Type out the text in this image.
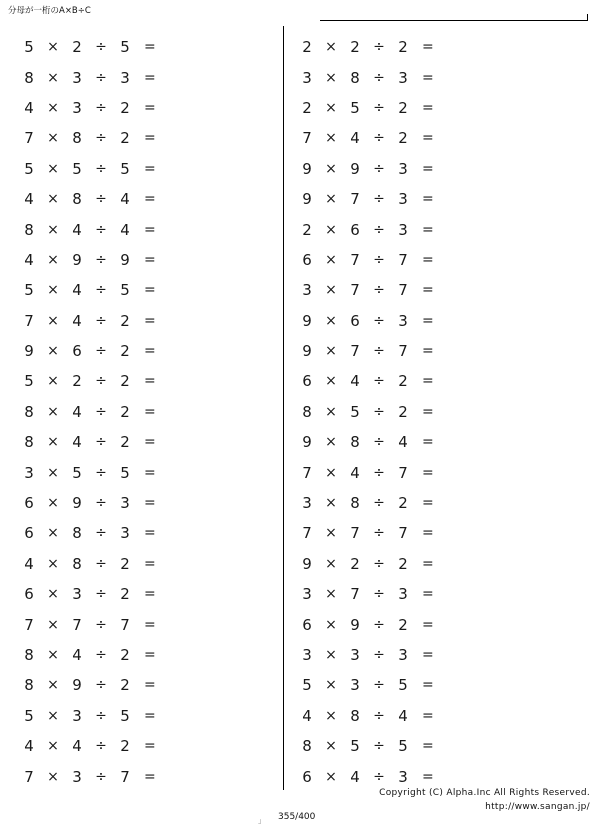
分母が一桁のA×B÷C
5 × 2 ÷ 5	=
8 × 3 ÷ 3	=
4 × 3 ÷ 2	=
7 × 8 ÷ 2	=
5 × 5 ÷ 5	=
4 × 8 ÷ 4	=
8 × 4 ÷ 4	=
4 × 9 ÷ 9	=
5 × 4 ÷ 5	=
7 × 4 ÷ 2	=
9 × 6 ÷ 2	=
5 × 2 ÷ 2	=
8 × 4 ÷ 2	=
8 × 4 ÷ 2	=
3 × 5 ÷ 5	=
6 × 9 ÷ 3	=
6 × 8 ÷ 3	=
4 × 8 ÷ 2	=
6 × 3 ÷ 2	=
7 × 7 ÷ 7	=
8 × 4 ÷ 2	=
8 × 9 ÷ 2	=
5 × 3 ÷ 5	=
4 × 4 ÷ 2	=
7 × 3 ÷ 7	=
2 × 2 ÷ 2	=
3 × 8 ÷ 3	=
2 × 5 ÷ 2	=
7 × 4 ÷ 2	=
9 × 9 ÷ 3	=
9 × 7 ÷ 3	=
2 × 6 ÷ 3	=
6 × 7 ÷ 7	=
3 × 7 ÷ 7	=
9 × 6 ÷ 3	=
9 × 7 ÷ 7	=
6 × 4 ÷ 2	=
8 × 5 ÷ 2	=
9 × 8 ÷ 4	=
7 × 4 ÷ 7	=
3 × 8 ÷ 2	=
7 × 7 ÷ 7	=
9 × 2 ÷ 2	=
3 × 7 ÷ 3	=
6 × 9 ÷ 2	=
3 × 3 ÷ 3	=
5 × 3 ÷ 5	=
4 × 8 ÷ 4	=
8 × 5 ÷ 5	=
6 × 4 ÷ 3	=
」 355/400
Copyright (C) Alpha.Inc All Rights Reserved.
http://www.sangan.jp/
